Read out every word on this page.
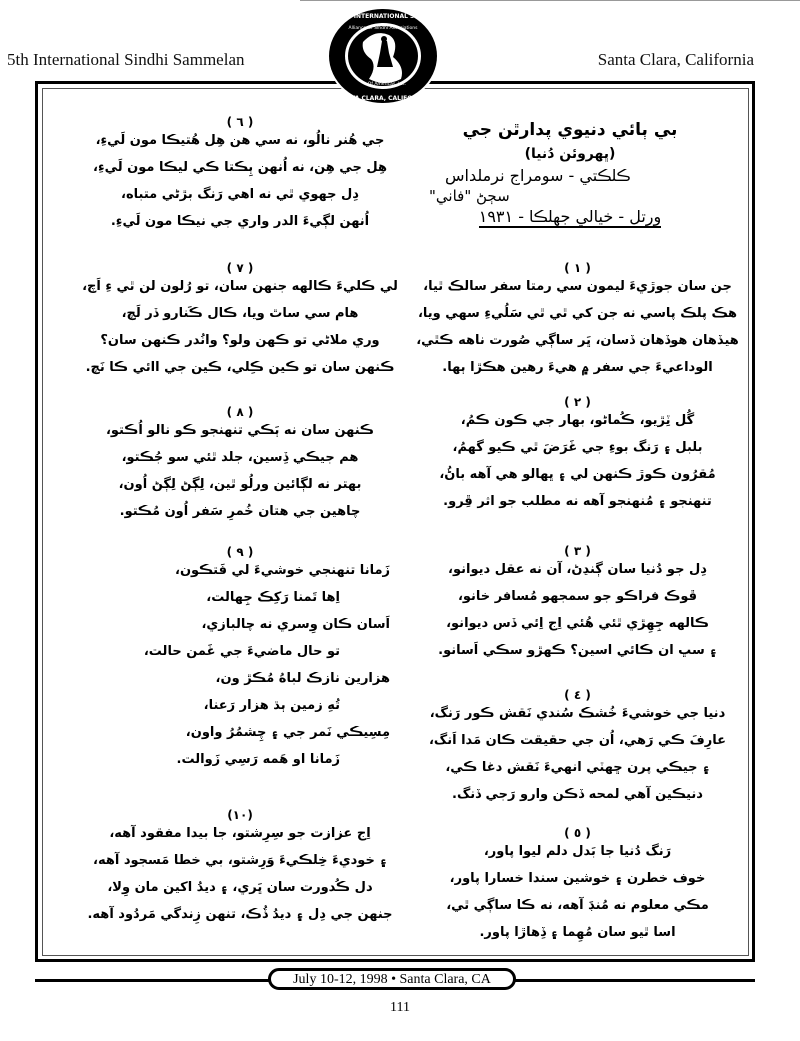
5th International Sindhi Sammelan	Santa Clara, California
FIFTH INTERNATIONAL SINDHI
SANTA CLARA, CALIFORNIA
Alliance Of Sindhi Associations
Of Americas, Inc.
بي ٻائي دنيوي پدارٿن جي
(ڀهروئن دُنيا)
ڪلڪتي - سومراج نرملداس
سڄڻ "فاني"
ورتل - خيالي جهلڪا - ١٩٣١
( ١ )
جن سان جوڙيءَ ليمون سي رمتا سفر سالڪ ٿيا،
هڪ پلڪ پاسي نه جن کي ٿي ٿي سَلُيءِ سهي ويا،
هيڏهان هوڏهان ڏسان، ڀَر ساڳي صُورت ناهه ڪٿي،
الوداعيءَ جي سفر ۾ هيءَ رهين هڪڙا ٻها.
( ٢ )
گُل ٽِڙيو، ڪُماڻو، بهار جي ڪون ڪمُ،
بلبل ۽ رَنگ بوءِ جي غَرَضَ ٿي ڪيو گهمُ،
مُقرُون ڪوڙ ڪنهن لي ۽ ڀهالو هي آهه باڻُ،
تنهنجو ۽ مُنهنجو آهه نه مطلب جو اثر ڦِرو.
( ٣ )
دِل جو دُنيا سان ڳنڍڻ، آن نه عقل ديوانو،
ڦوڪ فراڪو جو سمجهو مُسافر خانو،
ڪالهه جِهِڙي ٿئي هُئي اِج اِئي ڏس ديوانو،
۽ سڀ ان ڪائي اسين؟ ڪهڙو سڪي اَسانو.
( ٤ )
دنيا جي خوشيءَ خُشڪ سُندي نَقش ڪور رَنگ،
عارِفَ ڪي رَهي، اُن جي حقيقت ڪان مَدا اَنگ،
۽ جيڪي پرن ڇهٽي انهيءَ نَقش دغا ڪي،
دنيڪين آهي لمحه ڏڪن وارو رَجي ڏنگ.
( ٥ )
رَنگ دُنيا جا بَدل دلم ليوا پاور،
خوف خطرن ۽ خوشين سندا خسارا پاور،
مڪي معلوم نه مُنڊَ آهه، نه ڪا ساڳي ٿي،
اسا ٿيو سان مُهِما ۽ ڏِهاڙا پاور.
( ٦ )
جي هُنر نالُو، نه سي هن هِل هُتيڪا مون لَيءِ،
هِل جي هِن، نه اُنهن ٻِڪتا ڪي ليڪا مون لَيءِ،
دِل جهوي ٿي نه اهي رَنگ بڙڻي متباه،
اُنهن لڳيءَ الدر واري جي نيڪا مون لَيءِ.
( ٧ )
لي ڪليءَ ڪالهه جنهن سان، تو رُلون لن ٿي ءِ اَچ،
هام سي ساٿ ويا، ڪال ڪَنارو ڏر لَچ،
وري ملاڻي تو ڪهن ولو؟ وانُدر ڪنهن سان؟
ڪنهن سان تو ڪين ڪِلي، ڪين جي اائي ڪا نَچ.
( ٨ )
ڪنهن سان نه ٻَڪي تنهنجو ڪو نالو اُڪتو،
هم جيڪي ڏِسين، جلد ٿئي سو جُڪتو،
بهتر نه لڳائين ورلُو ٿين، لِڳڻ لِڳڻ اُون،
چاهين جي هتان خُمرِ سَفر اُون مُڪتو.
( ٩ )
زَمانا تنهنجي خوشيءَ لي فَتڪون،
اِها تَمنا رَکِڪ جِهالت،
اَسان ڪان وِسري نه چالبازي،
تو حال ماضيءَ جي غَمن حالت،
هزارين نازڪ لباهُ مُڪڙ ون،
تُهِ زمين ٻڌ هزار رَعنا،
مِسِيڪي نَمر جي ۽ چِشمُرُ واون،
زَمانا او هَمه رَسِي زَوالت.
(١٠)
اِج عزازت جو سِرِشتو، جا بيدا مفقود آهه،
۽ خوديءَ خِلڪيءَ وَرِشتو، بي خطا مَسجود آهه،
دل ڪُدورت سان ڀَري، ۽ ديدُ اکين مان وِلا،
جنهن جي دِل ۽ ديدُ ڏُڪ، تنهن زِندگي مَردُود آهه.
July 10-12, 1998 • Santa Clara, CA
111
